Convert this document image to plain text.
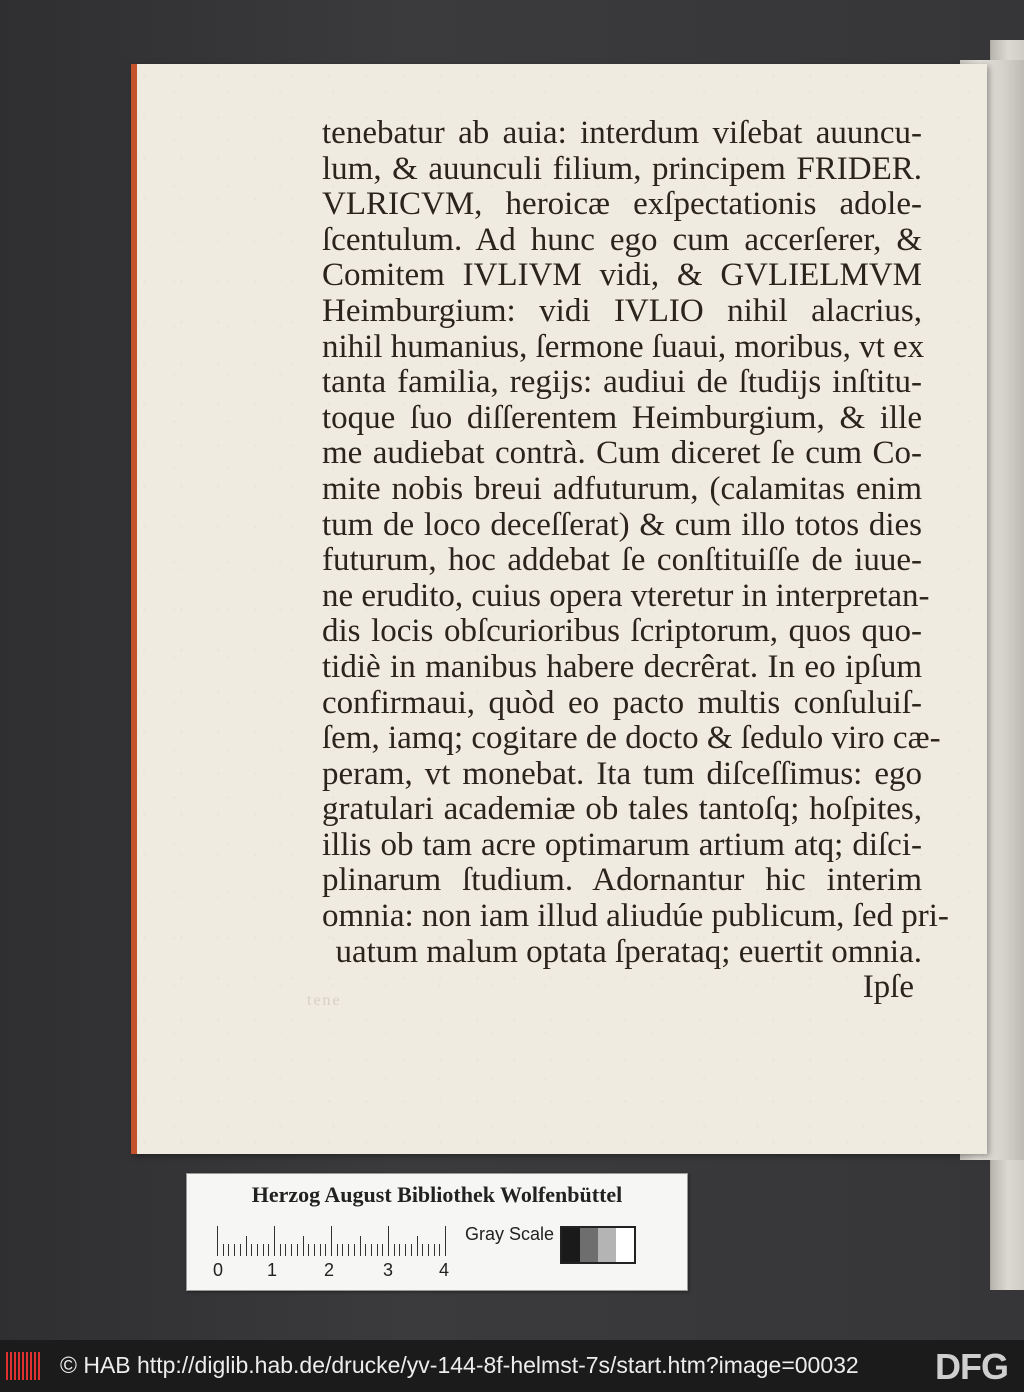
tenebatur ab auia: interdum viſebat auuncu-
lum, & auunculi filium, principem FRIDER.
VLRICVM, heroicæ exſpectationis adole-
ſcentulum. Ad hunc ego cum accerſerer, &
Comitem IVLIVM vidi, & GVLIELMVM
Heimburgium: vidi IVLIO nihil alacrius,
nihil humanius, ſermone ſuaui, moribus, vt ex
tanta familia, regijs: audiui de ſtudijs inſtitu-
toque ſuo diſſerentem Heimburgium, & ille
me audiebat contrà. Cum diceret ſe cum Co-
mite nobis breui adfuturum, (calamitas enim
tum de loco deceſſerat) & cum illo totos dies
futurum, hoc addebat ſe conſtituiſſe de iuue-
ne erudito, cuius opera vteretur in interpretan-
dis locis obſcurioribus ſcriptorum, quos quo-
tidiè in manibus habere decrêrat. In eo ipſum
confirmaui, quòd eo pacto multis conſuluiſ-
ſem, iamq; cogitare de docto & ſedulo viro cæ-
peram, vt monebat. Ita tum diſceſſimus: ego
gratulari academiæ ob tales tantoſq; hoſpites,
illis ob tam acre optimarum artium atq; diſci-
plinarum ſtudium. Adornantur hic interim
omnia: non iam illud aliudúe publicum, ſed pri-
uatum malum optata ſperataq; euertit omnia.
Ipſe
tene
Herzog August Bibliothek Wolfenbüttel
0 1	2	3	4
Gray Scale
© HAB http://diglib.hab.de/drucke/yv-144-8f-helmst-7s/start.htm?image=00032 DFG
